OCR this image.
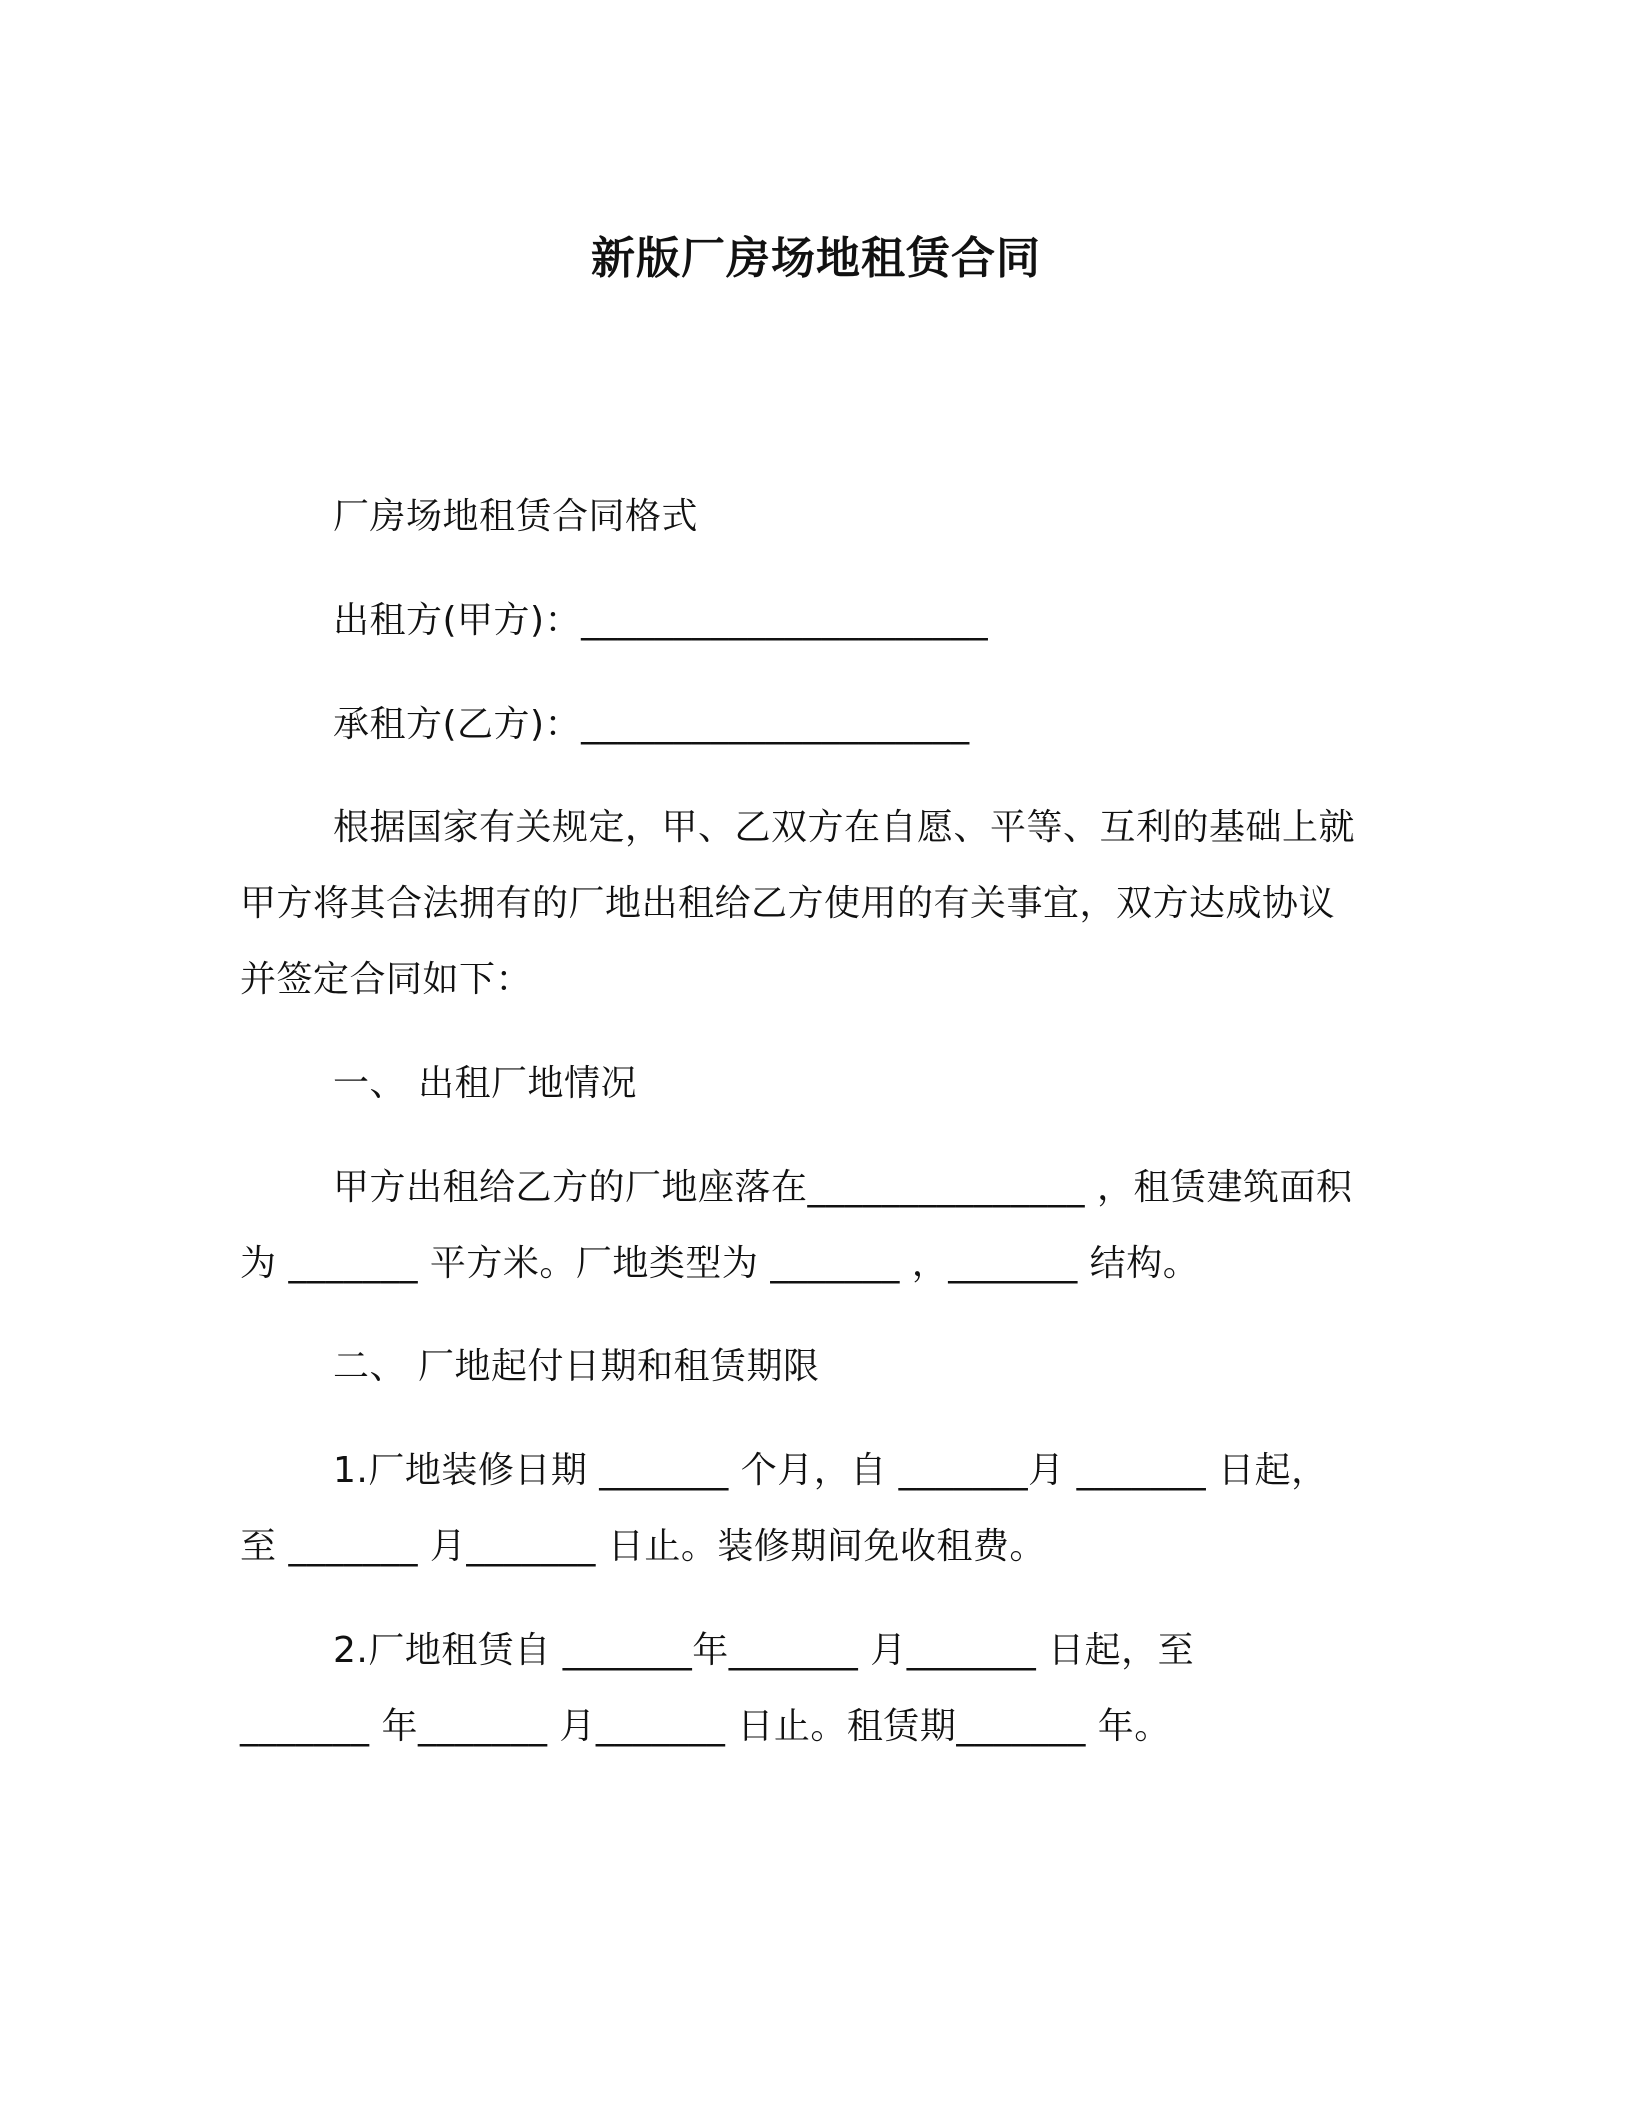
新版厂房场地租赁合同
厂房场地租赁合同格式
出租方(甲方)：______________________
承租方(乙方)：_____________________
根据国家有关规定，甲、乙双方在自愿、平等、互利的基础上就
甲方将其合法拥有的厂地出租给乙方使用的有关事宜，双方达成协议
并签定合同如下：
一、 出租厂地情况
甲方出租给乙方的厂地座落在_______________ ，租赁建筑面积
为 _______ 平方米。厂地类型为 _______ ，_______ 结构。
二、 厂地起付日期和租赁期限
1.厂地装修日期 _______ 个月，自 _______月 _______ 日起，
至 _______ 月_______ 日止。装修期间免收租费。
2.厂地租赁自 _______年_______ 月_______ 日起，至
_______ 年_______ 月_______ 日止。租赁期_______ 年。
